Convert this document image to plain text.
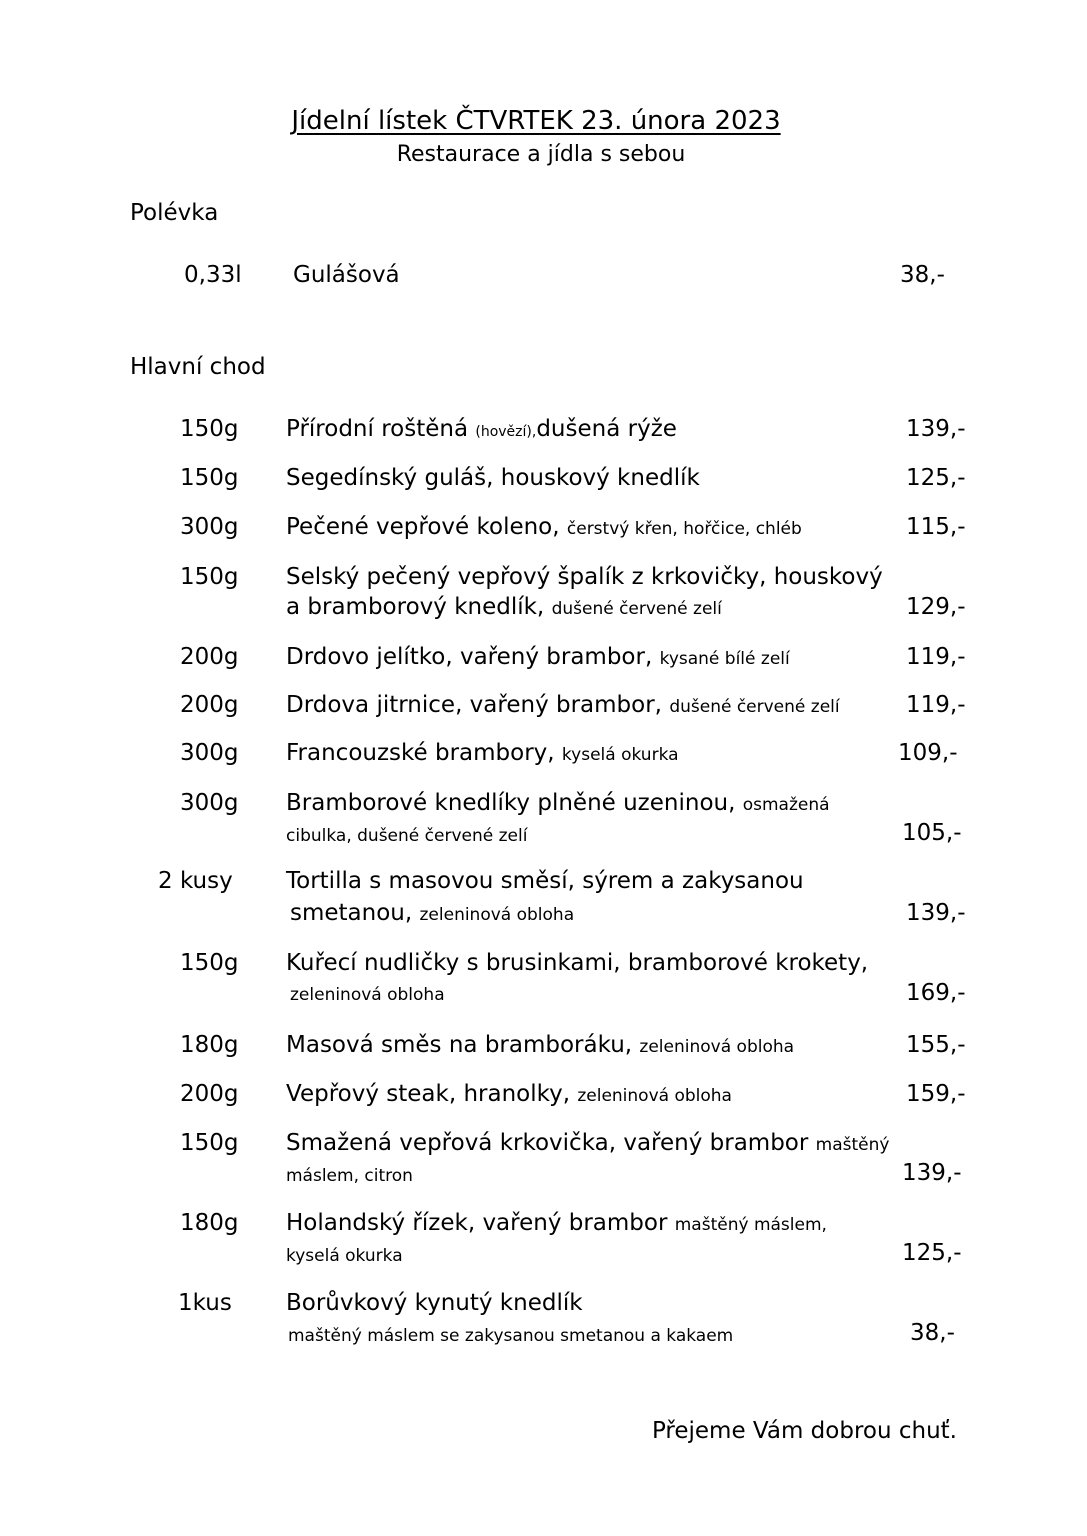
Jídelní lístek ČTVRTEK 23. února 2023
Restaurace a jídla s sebou
Polévka
0,33l Gulášová	38,-
Hlavní chod
150g Přírodní roštěná (hovězí),dušená rýže	139,-
150g Segedínský guláš, houskový knedlík	125,-
300g Pečené vepřové koleno, čerstvý křen, hořčice, chléb	115,-
150g Selský pečený vepřový špalík z krkovičky, houskový
a bramborový knedlík, dušené červené zelí	129,-
200g Drdovo jelítko, vařený brambor, kysané bílé zelí	119,-
200g Drdova jitrnice, vařený brambor, dušené červené zelí	119,-
300g Francouzské brambory, kyselá okurka	109,-
300g Bramborové knedlíky plněné uzeninou, osmažená
cibulka, dušené červené zelí	105,-
2 kusy Tortilla s masovou směsí, sýrem a zakysanou
smetanou, zeleninová obloha	139,-
150g Kuřecí nudličky s brusinkami, bramborové krokety,
zeleninová obloha	169,-
180g Masová směs na bramboráku, zeleninová obloha	155,-
200g Vepřový steak, hranolky, zeleninová obloha	159,-
150g Smažená vepřová krkovička, vařený brambor maštěný
máslem, citron	139,-
180g Holandský řízek, vařený brambor maštěný máslem,
kyselá okurka	125,-
1kus Borůvkový kynutý knedlík
maštěný máslem se zakysanou smetanou a kakaem	38,-
Přejeme Vám dobrou chuť.
